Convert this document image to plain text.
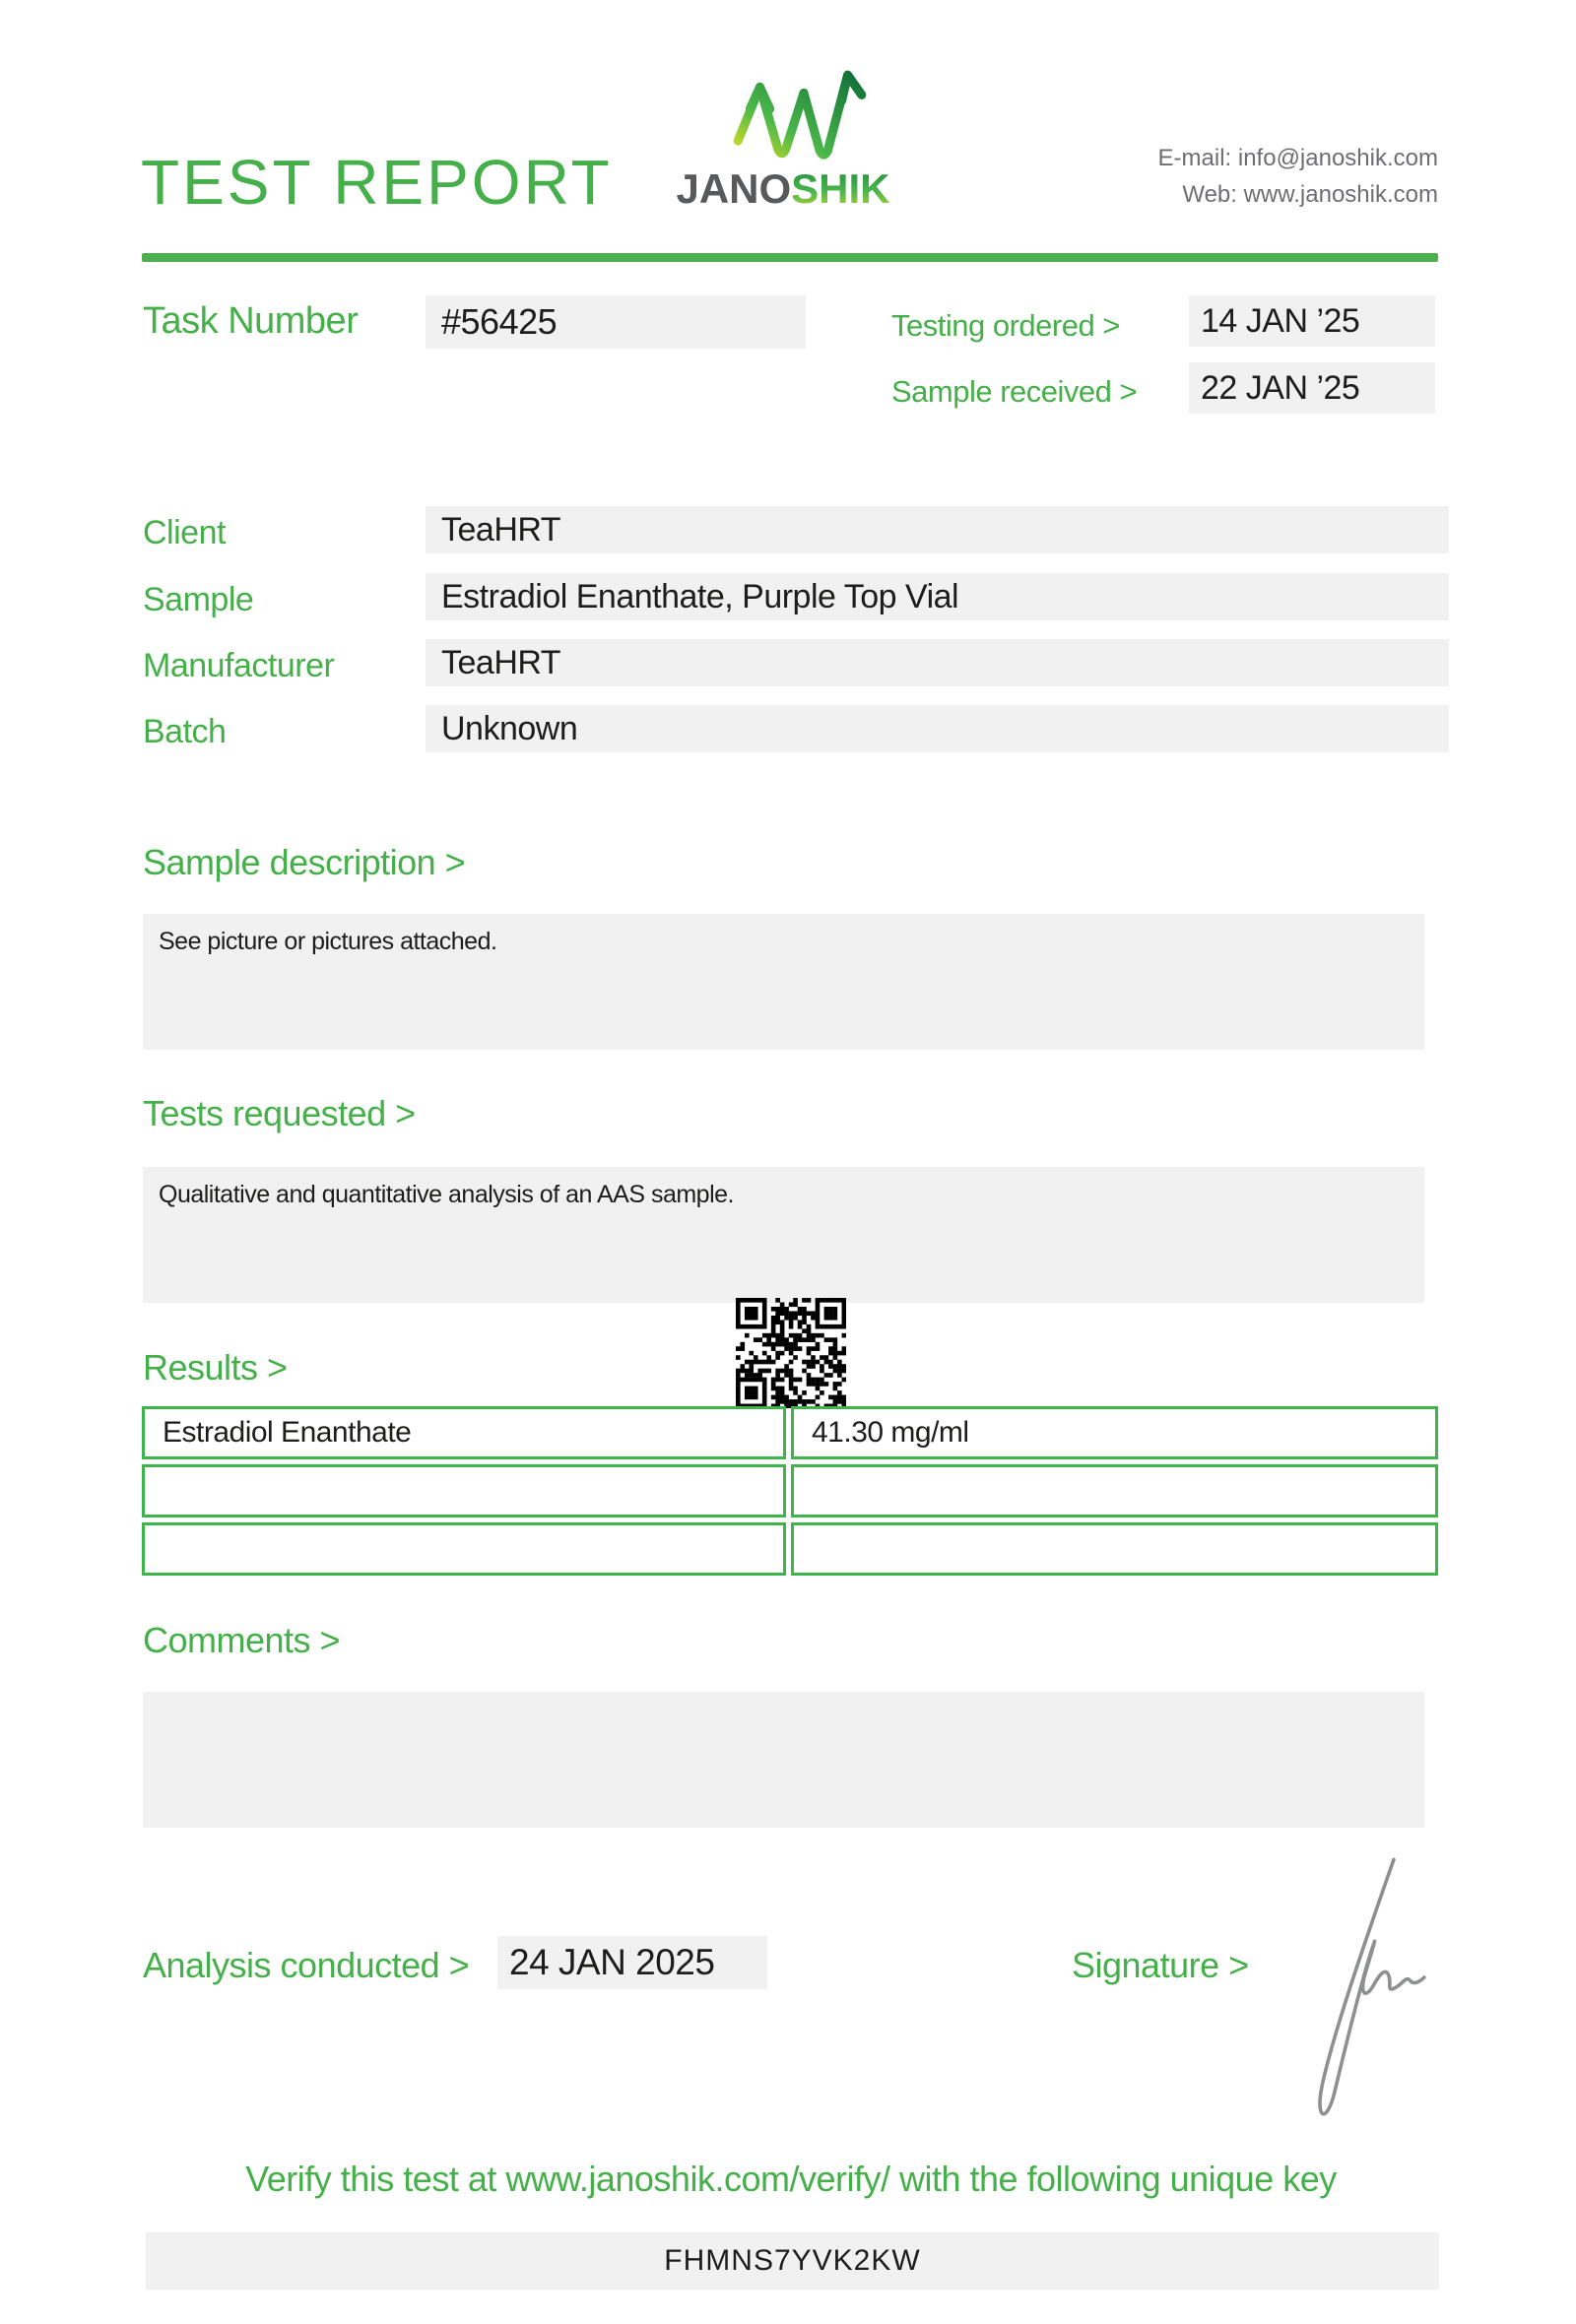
TEST REPORT JANOSHIK
E-mail: info@janoshik.com
Web: www.janoshik.com
Task Number	#56425	Testing ordered >	14 JAN ’25
Sample received >	22 JAN ’25
Client	TeaHRT
Sample	Estradiol Enanthate, Purple Top Vial
Manufacturer	TeaHRT
Batch	Unknown
Sample description >
See picture or pictures attached.
Tests requested >
Qualitative and quantitative analysis of an AAS sample.
Results >
Estradiol Enanthate	41.30 mg/ml

Comments >
Analysis conducted >	24 JAN 2025	Signature >
Verify this test at www.janoshik.com/verify/ with the following unique key
FHMNS7YVK2KW
